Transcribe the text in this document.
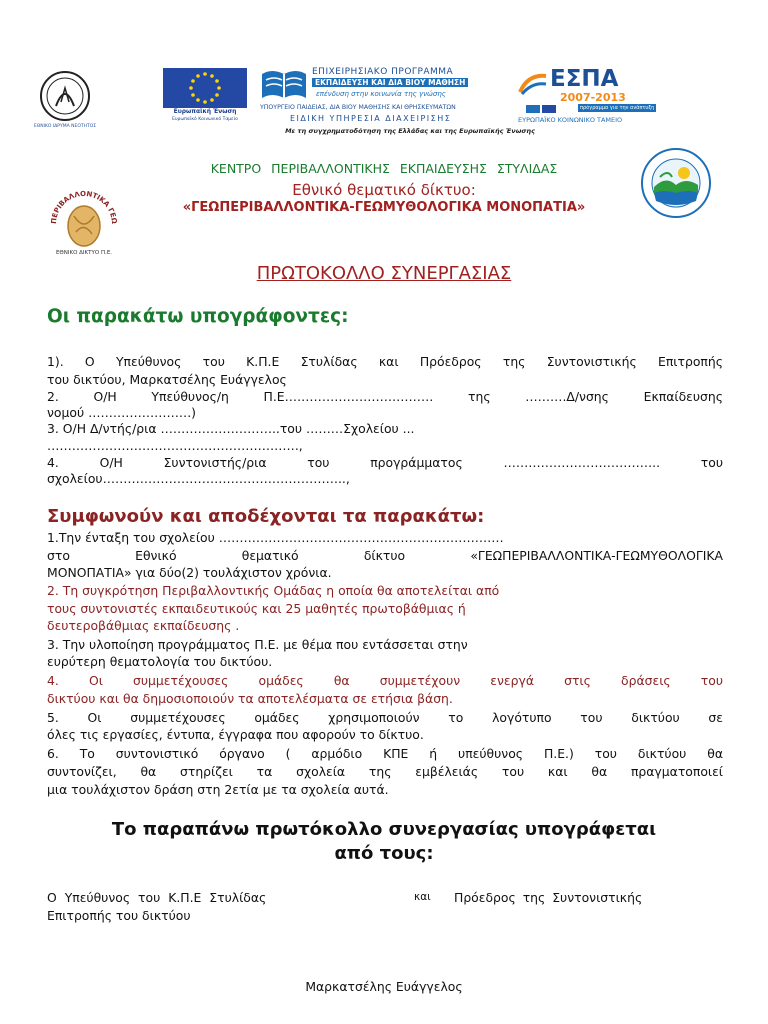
ΕΘΝΙΚΟ ΙΔΡΥΜΑ ΝΕΟΤΗΤΟΣ
Ευρωπαϊκή Ένωση
Ευρωπαϊκό Κοινωνικό Ταμείο
ΕΠΙΧΕΙΡΗΣΙΑΚΟ ΠΡΟΓΡΑΜΜΑ
ΕΚΠΑΙΔΕΥΣΗ ΚΑΙ ΔΙΑ ΒΙΟΥ ΜΑΘΗΣΗ
επένδυση στην κοινωνία της γνώσης
ΥΠΟΥΡΓΕΙΟ ΠΑΙΔΕΙΑΣ, ΔΙΑ ΒΙΟΥ ΜΑΘΗΣΗΣ ΚΑΙ ΘΡΗΣΚΕΥΜΑΤΩΝ
ΕΙΔΙΚΗ ΥΠΗΡΕΣΙΑ ΔΙΑΧΕΙΡΙΣΗΣ
ΕΣΠΑ
2007-2013
πρόγραμμα για την ανάπτυξη
ΕΥΡΩΠΑΪΚΟ ΚΟΙΝΩΝΙΚΟ ΤΑΜΕΙΟ
Με τη συγχρηματοδότηση της Ελλάδας και της Ευρωπαϊκής Ένωσης
ΚΕΝΤΡΟ ΠΕΡΙΒΑΛΛΟΝΤΙΚΗΣ ΕΚΠΑΙΔΕΥΣΗΣ ΣΤΥΛΙΔΑΣ
Εθνικό θεματικό δίκτυο:
«ΓΕΩΠΕΡΙΒΑΛΛΟΝΤΙΚΑ-ΓΕΩΜΥΘΟΛΟΓΙΚΑ ΜΟΝΟΠΑΤΙΑ»
ΠΕΡΙΒΑΛΛΟΝΤΙΚΑ ΓΕΩ
ΕΘΝΙΚΟ ΔΙΚΤΥΟ Π.Ε.
ΠΡΩΤΟΚΟΛΛΟ ΣΥΝΕΡΓΑΣΙΑΣ
Οι παρακάτω υπογράφοντες:
1). Ο Υπεύθυνος του Κ.Π.Ε Στυλίδας και Πρόεδρος της Συντονιστικής Επιτροπής
του δικτύου, Μαρκατσέλης Ευάγγελος
2. Ο/Η Υπεύθυνος/η Π.Ε……………………………… της ……….Δ/νσης Εκπαίδευσης
νομού …………………….)
3. Ο/Η Δ/ντής/ρια ………………………..του ………Σχολείου ...
…………………………………………………….,
4. Ο/Η Συντονιστής/ρια του προγράμματος ……………………………….. του
σχολείου…………………………………………………..,
Συμφωνούν και αποδέχονται τα παρακάτω:
1.Την ένταξη του σχολείου ……………………………………………………………
στο Εθνικό θεματικό δίκτυο «ΓΕΩΠΕΡΙΒΑΛΛΟΝΤΙΚΑ-ΓΕΩΜΥΘΟΛΟΓΙΚΑ
ΜΟΝΟΠΑΤΙΑ» για δύο(2) τουλάχιστον χρόνια.
2. Τη συγκρότηση Περιβαλλοντικής Ομάδας η οποία θα αποτελείται από
τους συντονιστές εκπαιδευτικούς και 25 μαθητές πρωτοβάθμιας ή
δευτεροβάθμιας εκπαίδευσης .
3. Την υλοποίηση προγράμματος Π.Ε. με θέμα που εντάσσεται στην
ευρύτερη θεματολογία του δικτύου.
4. Οι συμμετέχουσες ομάδες θα συμμετέχουν ενεργά στις δράσεις του
δικτύου και θα δημοσιοποιούν τα αποτελέσματα σε ετήσια βάση.
5. Οι συμμετέχουσες ομάδες χρησιμοποιούν το λογότυπο του δικτύου σε
όλες τις εργασίες, έντυπα, έγγραφα που αφορούν το δίκτυο.
6. Το συντονιστικό όργανο ( αρμόδιο ΚΠΕ ή υπεύθυνος Π.Ε.) του δικτύου θα
συντονίζει, θα στηρίζει τα σχολεία της εμβέλειάς του και θα πραγματοποιεί
μια τουλάχιστον δράση στη 2ετία με τα σχολεία αυτά.
Το παραπάνω πρωτόκολλο συνεργασίας υπογράφεται
από τους:
Ο Υπεύθυνος του Κ.Π.Ε Στυλίδας
Επιτροπής του δικτύου
και Πρόεδρος της Συντονιστικής
Μαρκατσέλης Ευάγγελος
